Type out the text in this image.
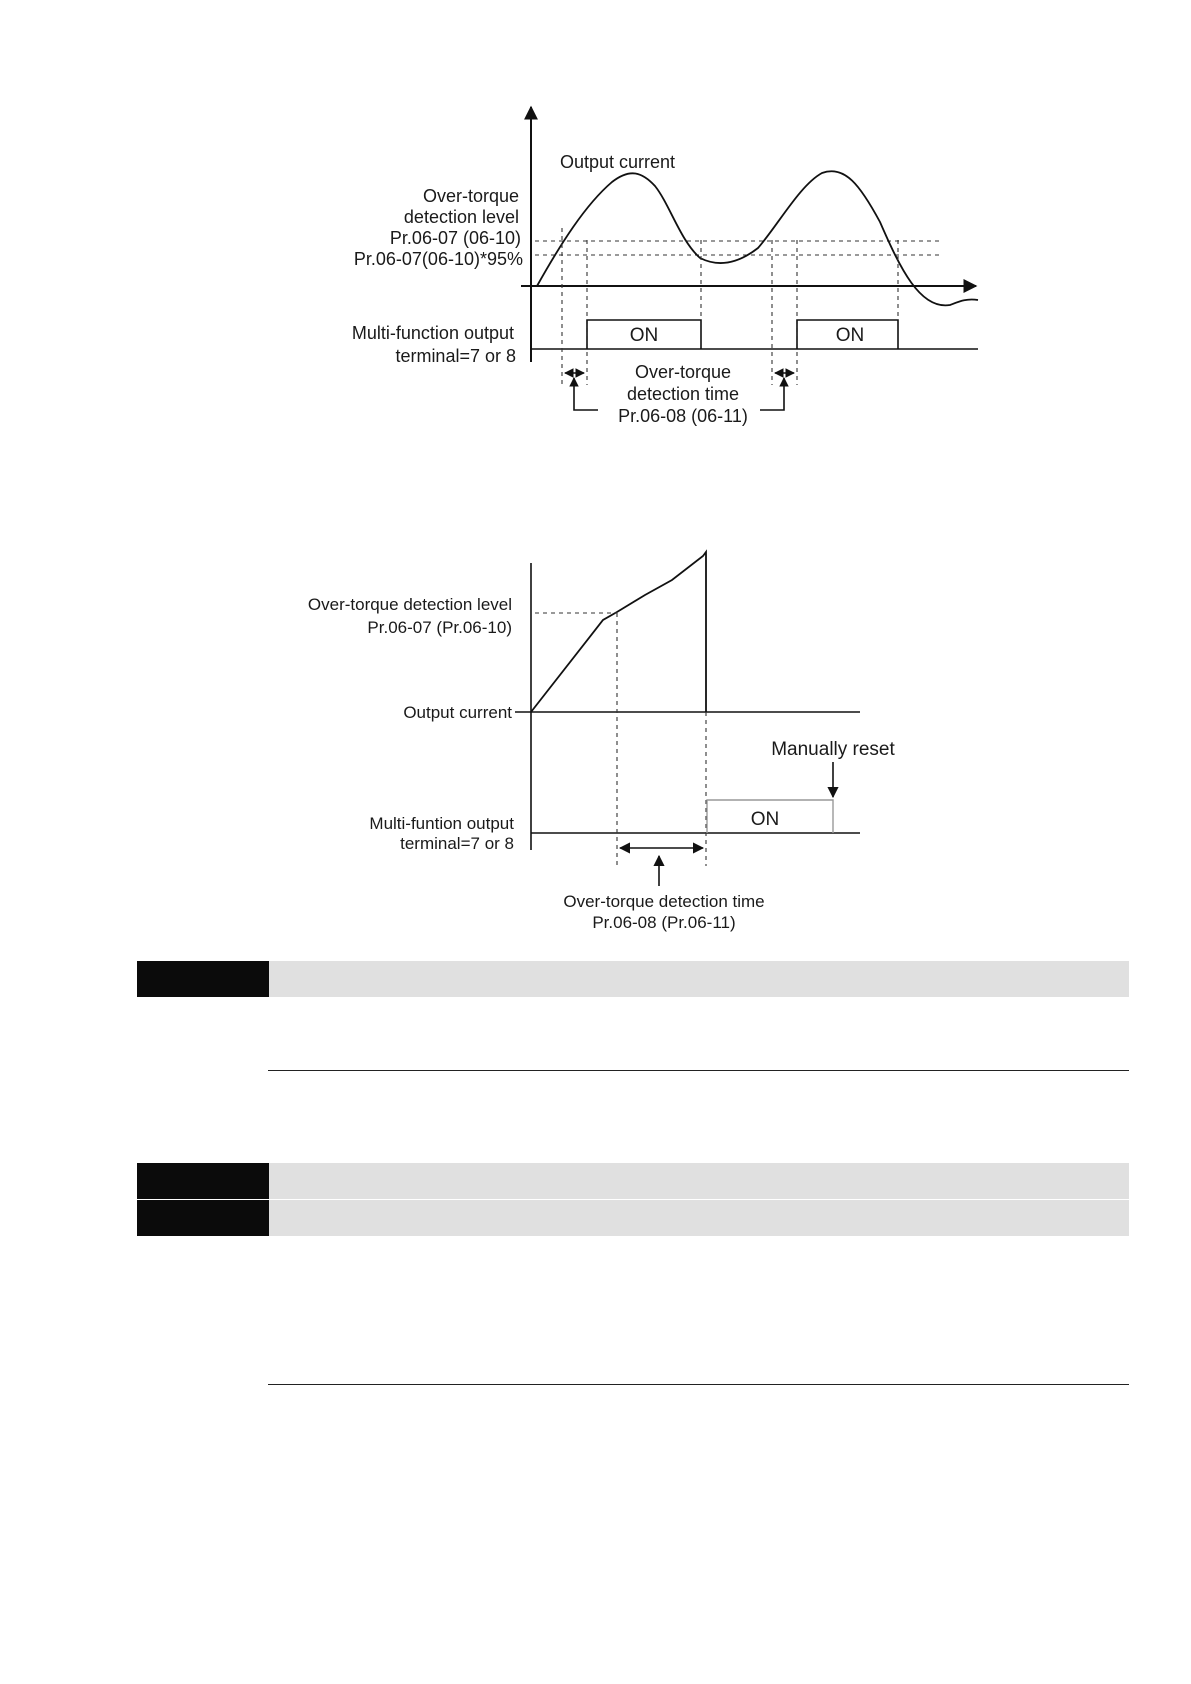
ON	ON
Output current
Over-torque
detection level
Pr.06-07 (06-10)
Pr.06-07(06-10)*95%
Multi-function output
terminal=7 or 8
Over-torque
detection time
Pr.06-08 (06-11)
ON
Manually reset
Over-torque detection level
Pr.06-07 (Pr.06-10)
Output current
Multi-funtion output
terminal=7 or 8
Over-torque detection time
Pr.06-08 (Pr.06-11)
